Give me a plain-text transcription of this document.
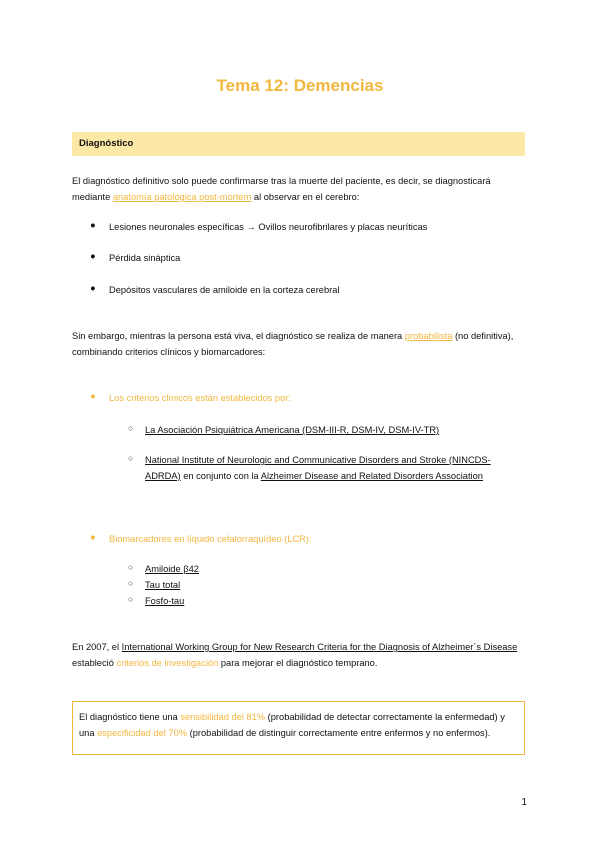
Tema 12: Demencias
Diagnóstico

El diagnóstico definitivo solo puede confirmarse tras la muerte del paciente, es decir, se diagnosticará mediante anatomía patológica post-mortem al observar en el cerebro:

● Lesiones neuronales específicas → Ovillos neurofibrilares y placas neuríticas
● Pérdida sináptica
● Depósitos vasculares de amiloide en la corteza cerebral

Sin embargo, mientras la persona está viva, el diagnóstico se realiza de manera probabilista (no definitiva), combinando criterios clínicos y biomarcadores:

● Los criterios clínicos están establecidos por:
○ La Asociación Psiquiátrica Americana (DSM-III-R, DSM-IV, DSM-IV-TR)
○ National Institute of Neurologic and Communicative Disorders and Stroke (NINCDS-ADRDA) en conjunto con la Alzheimer Disease and Related Disorders Association
● Biomarcadores en líquido cefalorraquídeo (LCR):
○ Amiloide β42
○ Tau total
○ Fosfo-tau

En 2007, el International Working Group for New Research Criteria for the Diagnosis of Alzheimer´s Disease estableció criterios de investigación para mejorar el diagnóstico temprano.

El diagnóstico tiene una sensibilidad del 81% (probabilidad de detectar correctamente la enfermedad) y una especificidad del 70% (probabilidad de distinguir correctamente entre enfermos y no enfermos).

1
